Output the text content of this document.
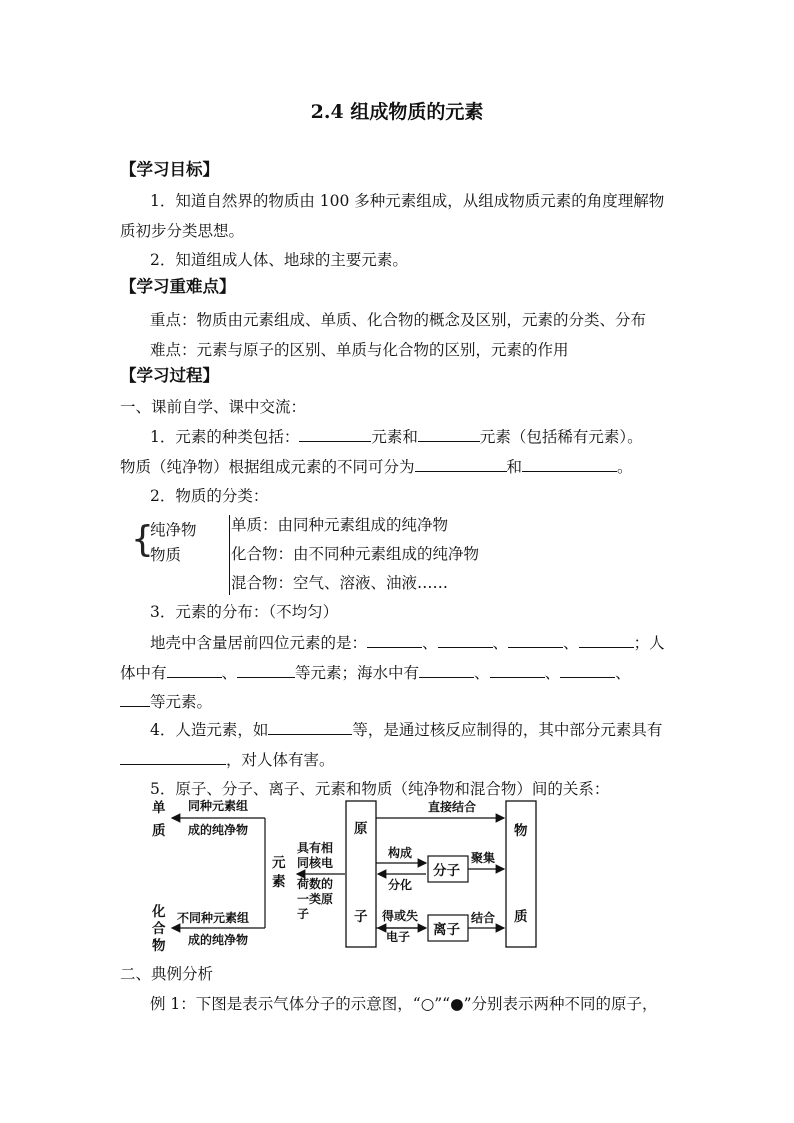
2.4 组成物质的元素
【学习目标】
1．知道自然界的物质由 100 多种元素组成，从组成物质元素的角度理解物
质初步分类思想。
2．知道组成人体、地球的主要元素。
【学习重难点】
重点：物质由元素组成、单质、化合物的概念及区别，元素的分类、分布
难点：元素与原子的区别、单质与化合物的区别，元素的作用
【学习过程】
一、课前自学、课中交流：
1．元素的种类包括：	元素和	元素（包括稀有元素）。
物质（纯净物）根据组成元素的不同可分为	和	。
2．物质的分类：
{
纯净物
物质
单质：由同种元素组成的纯净物
化合物：由不同种元素组成的纯净物
混合物：空气、溶液、油液……
3．元素的分布：（不均匀）
地壳中含量居前四位元素的是：	、	、	、	；人
体中有	、	等元素；海水中有	、	、	、
等元素。
4．人造元素，如	等，是通过核反应制得的，其中部分元素具有
，对人体有害。
5．原子、分子、离子、元素和物质（纯净物和混合物）间的关系：
单
质
化
合
物
同种元素组
成的纯净物
不同种元素组
成的纯净物
元
素
具有相
同核电
荷数的
一类原
子
原
子
物
质
直接结合
分子
构成
分化
聚集
离子
得或失
电子
结合
二、典例分析
例 1：下图是表示气体分子的示意图，“○”“●”分别表示两种不同的原子，
